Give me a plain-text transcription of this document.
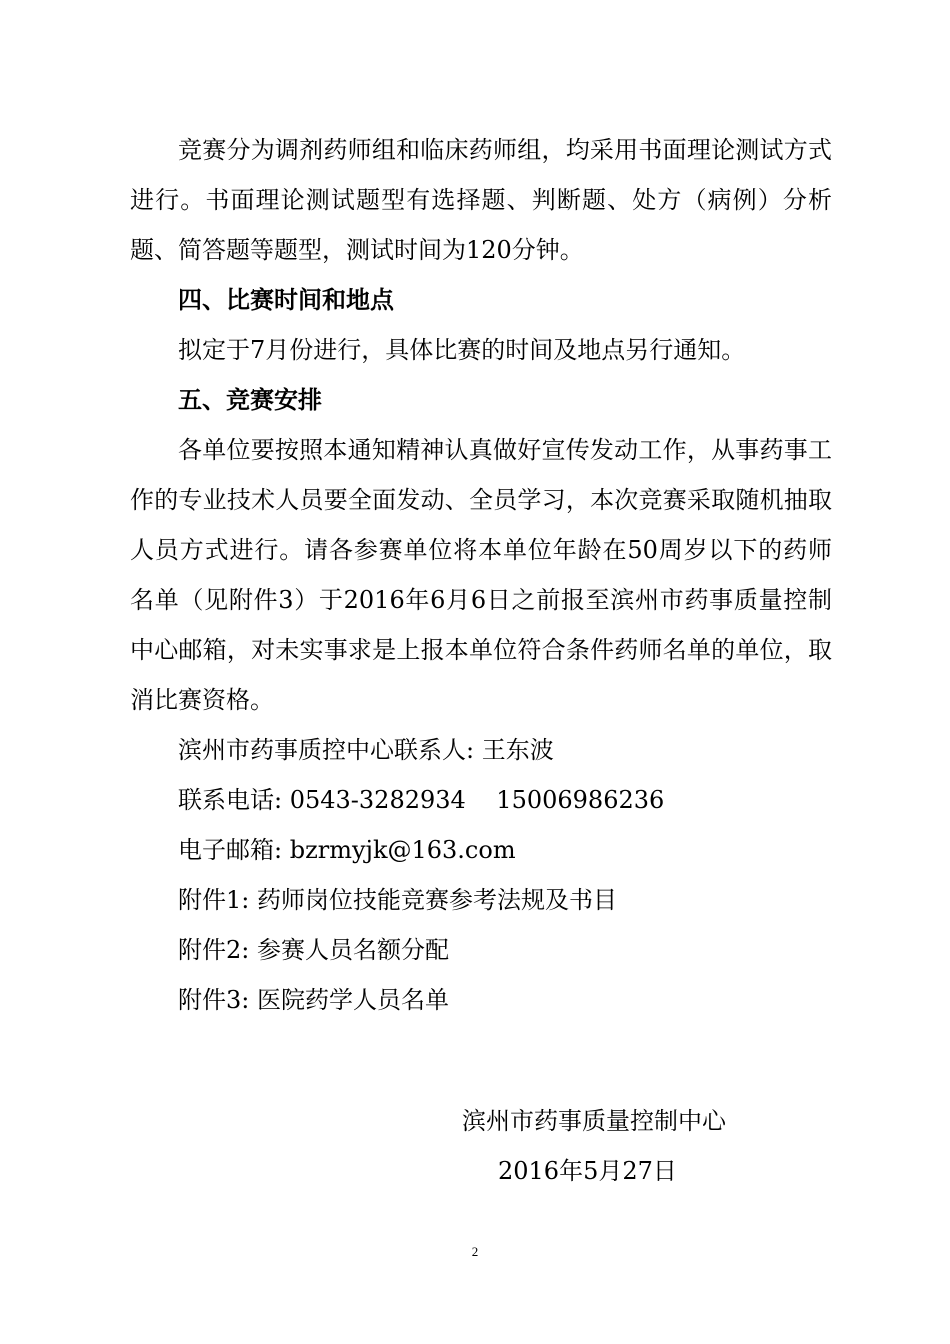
竞赛分为调剂药师组和临床药师组，均采用书面理论测试方式进行。书面理论测试题型有选择题、判断题、处方（病例）分析题、简答题等题型，测试时间为120分钟。

四、比赛时间和地点

拟定于7月份进行，具体比赛的时间及地点另行通知。

五、竞赛安排

各单位要按照本通知精神认真做好宣传发动工作，从事药事工作的专业技术人员要全面发动、全员学习，本次竞赛采取随机抽取人员方式进行。请各参赛单位将本单位年龄在50周岁以下的药师名单（见附件3）于2016年6月6日之前报至滨州市药事质量控制中心邮箱，对未实事求是上报本单位符合条件药师名单的单位，取消比赛资格。

滨州市药事质控中心联系人: 王东波

联系电话: 0543-3282934    15006986236

电子邮箱: bzrmyjk@163.com

附件1: 药师岗位技能竞赛参考法规及书目

附件2: 参赛人员名额分配

附件3: 医院药学人员名单

滨州市药事质量控制中心
2016年5月27日
2
